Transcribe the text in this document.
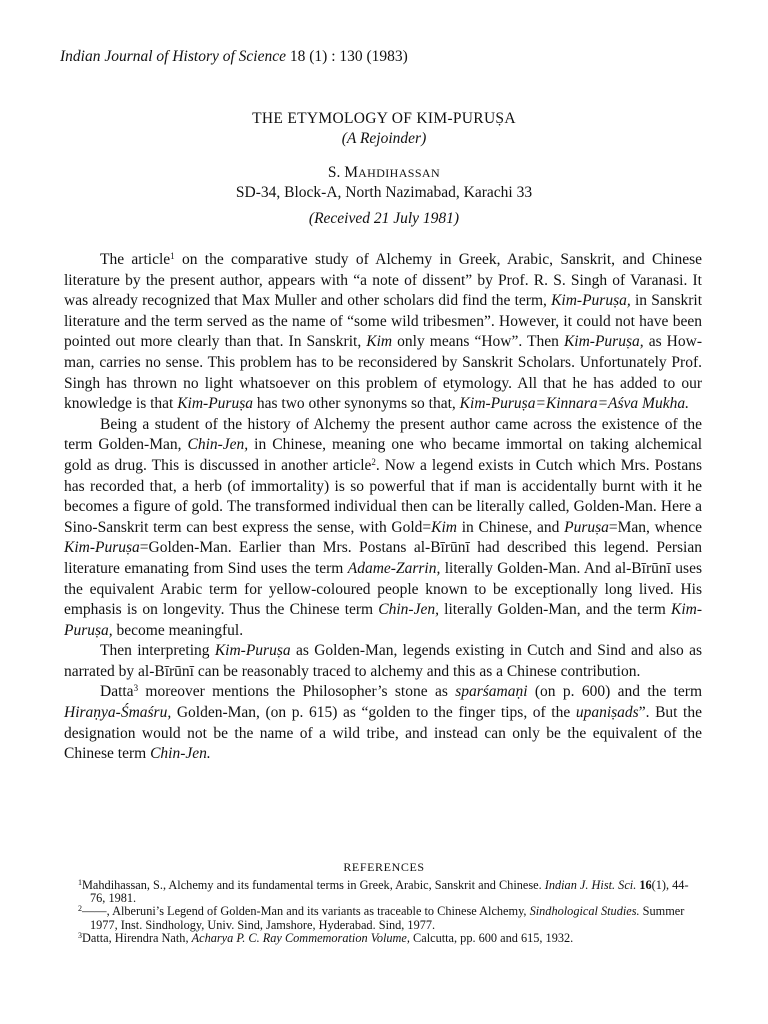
Indian Journal of History of Science 18 (1) : 130 (1983)
THE ETYMOLOGY OF KIM-PURUṢA
(A Rejoinder)
S. MAHDIHASSAN
SD-34, Block-A, North Nazimabad, Karachi 33
(Received 21 July 1981)

The article$^1$ on the comparative study of Alchemy in Greek, Arabic, Sanskrit, and Chinese literature by the present author, appears with “a note of dissent” by Prof. R. S. Singh of Varanasi. It was already recognized that Max Muller and other scholars did find the term, Kim-Puruṣa, in Sanskrit literature and the term served as the name of “some wild tribesmen”. However, it could not have been pointed out more clearly than that. In Sanskrit, Kim only means “How”. Then Kim-Puruṣa, as How-man, carries no sense. This problem has to be reconsidered by Sanskrit Scholars. Unfortunately Prof. Singh has thrown no light whatsoever on this problem of etymology. All that he has added to our knowledge is that Kim-Puruṣa has two other synonyms so that, Kim-Puruṣa=Kinnara=Aśva Mukha.

Being a student of the history of Alchemy the present author came across the existence of the term Golden-Man, Chin-Jen, in Chinese, meaning one who became immortal on taking alchemical gold as drug. This is discussed in another article$^2$. Now a legend exists in Cutch which Mrs. Postans has recorded that, a herb (of immortality) is so powerful that if man is accidentally burnt with it he becomes a figure of gold. The transformed individual then can be literally called, Golden-Man. Here a Sino-Sanskrit term can best express the sense, with Gold=Kim in Chinese, and Puruṣa=Man, whence Kim-Puruṣa=Golden-Man. Earlier than Mrs. Postans al-Bīrūnī had described this legend. Persian literature emanating from Sind uses the term Adame-Zarrin, literally Golden-Man. And al-Bīrūnī uses the equivalent Arabic term for yellow-coloured people known to be exceptionally long lived. His emphasis is on longevity. Thus the Chinese term Chin-Jen, literally Golden-Man, and the term Kim-Puruṣa, become meaningful.

Then interpreting Kim-Puruṣa as Golden-Man, legends existing in Cutch and Sind and also as narrated by al-Bīrūnī can be reasonably traced to alchemy and this as a Chinese contribution.

Datta$^3$ moreover mentions the Philosopher’s stone as sparśamaṇi (on p. 600) and the term Hiraṇya-Śmaśru, Golden-Man, (on p. 615) as “golden to the finger tips, of the upaniṣads”. But the designation would not be the name of a wild tribe, and instead can only be the equivalent of the Chinese term Chin-Jen.

REFERENCES
$^1$Mahdihassan, S., Alchemy and its fundamental terms in Greek, Arabic, Sanskrit and Chinese. Indian J. Hist. Sci. 16(1), 44-76, 1981.
$^2$——, Alberuni’s Legend of Golden-Man and its variants as traceable to Chinese Alchemy, Sindhological Studies. Summer 1977, Inst. Sindhology, Univ. Sind, Jamshore, Hyderabad. Sind, 1977.
$^3$Datta, Hirendra Nath, Acharya P. C. Ray Commemoration Volume, Calcutta, pp. 600 and 615, 1932.
